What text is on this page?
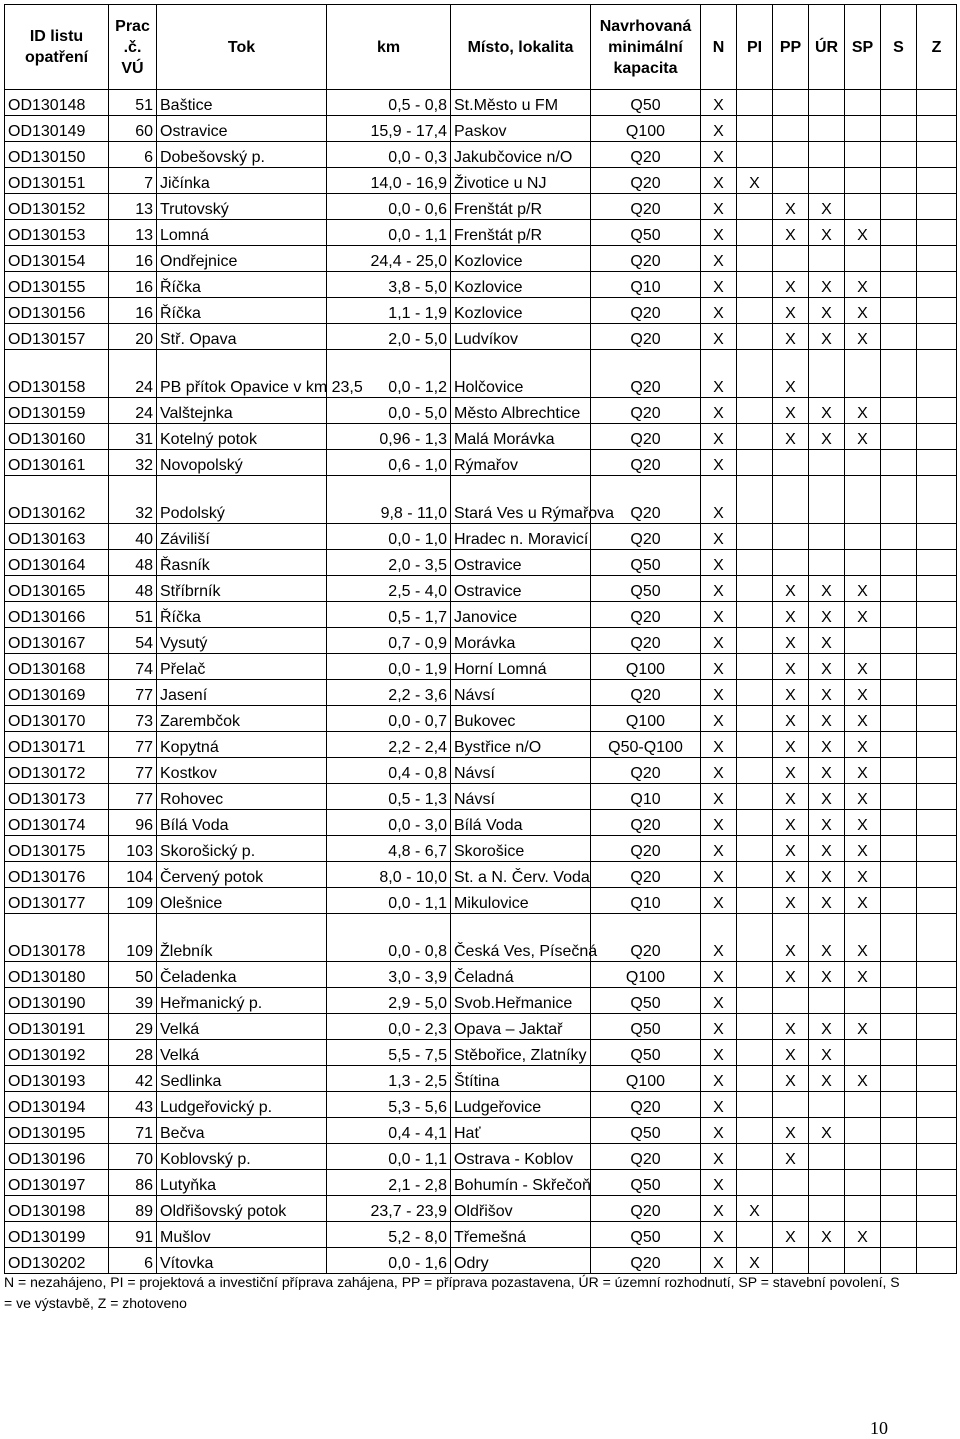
ID listu opatření	Prac .č. VÚ	Tok	km	Místo, lokalita	Navrhovaná minimální kapacita	N	PI	PP	ÚR	SP	S	Z
OD130148	51	Baštice	0,5 - 0,8	St.Město u FM	Q50	X						
OD130149	60	Ostravice	15,9 - 17,4	Paskov	Q100	X						
OD130150	6	Dobešovský p.	0,0 - 0,3	Jakubčovice n/O	Q20	X						
OD130151	7	Jičínka	14,0 - 16,9	Životice u NJ	Q20	X	X					
OD130152	13	Trutovský	0,0 - 0,6	Frenštát p/R	Q20	X		X	X			
OD130153	13	Lomná	0,0 - 1,1	Frenštát p/R	Q50	X		X	X	X		
OD130154	16	Ondřejnice	24,4 - 25,0	Kozlovice	Q20	X						
OD130155	16	Říčka	3,8 - 5,0	Kozlovice	Q10	X		X	X	X		
OD130156	16	Říčka	1,1 - 1,9	Kozlovice	Q20	X		X	X	X		
OD130157	20	Stř. Opava	2,0 - 5,0	Ludvíkov	Q20	X		X	X	X		
OD130158	24	PB přítok Opavice v km 23,5	0,0 - 1,2	Holčovice	Q20	X		X				
OD130159	24	Valštejnka	0,0 - 5,0	Město Albrechtice	Q20	X		X	X	X		
OD130160	31	Kotelný potok	0,96 - 1,3	Malá Morávka	Q20	X		X	X	X		
OD130161	32	Novopolský	0,6 - 1,0	Rýmařov	Q20	X						
OD130162	32	Podolský	9,8 - 11,0	Stará Ves u Rýmařova	Q20	X						
OD130163	40	Záviliší	0,0 - 1,0	Hradec n. Moravicí	Q20	X						
OD130164	48	Řasník	2,0 - 3,5	Ostravice	Q50	X						
OD130165	48	Stříbrník	2,5 - 4,0	Ostravice	Q50	X		X	X	X		
OD130166	51	Říčka	0,5 - 1,7	Janovice	Q20	X		X	X	X		
OD130167	54	Vysutý	0,7 - 0,9	Morávka	Q20	X		X	X			
OD130168	74	Přelač	0,0 - 1,9	Horní Lomná	Q100	X		X	X	X		
OD130169	77	Jasení	2,2 - 3,6	Návsí	Q20	X		X	X	X		
OD130170	73	Zarembčok	0,0 - 0,7	Bukovec	Q100	X		X	X	X		
OD130171	77	Kopytná	2,2 - 2,4	Bystřice n/O	Q50-Q100	X		X	X	X		
OD130172	77	Kostkov	0,4 - 0,8	Návsí	Q20	X		X	X	X		
OD130173	77	Rohovec	0,5 - 1,3	Návsí	Q10	X		X	X	X		
OD130174	96	Bílá Voda	0,0 - 3,0	Bílá Voda	Q20	X		X	X	X		
OD130175	103	Skorošický p.	4,8 - 6,7	Skorošice	Q20	X		X	X	X		
OD130176	104	Červený potok	8,0 - 10,0	St. a N. Červ. Voda	Q20	X		X	X	X		
OD130177	109	Olešnice	0,0 - 1,1	Mikulovice	Q10	X		X	X	X		
OD130178	109	Žlebník	0,0 - 0,8	Česká Ves, Písečná	Q20	X		X	X	X		
OD130180	50	Čeladenka	3,0 - 3,9	Čeladná	Q100	X		X	X	X		
OD130190	39	Heřmanický p.	2,9 - 5,0	Svob.Heřmanice	Q50	X						
OD130191	29	Velká	0,0 - 2,3	Opava – Jaktař	Q50	X		X	X	X		
OD130192	28	Velká	5,5 - 7,5	Stěbořice, Zlatníky	Q50	X		X	X			
OD130193	42	Sedlinka	1,3 - 2,5	Štítina	Q100	X		X	X	X		
OD130194	43	Ludgeřovický p.	5,3 - 5,6	Ludgeřovice	Q20	X						
OD130195	71	Bečva	0,4 - 4,1	Hať	Q50	X		X	X			
OD130196	70	Koblovský p.	0,0 - 1,1	Ostrava - Koblov	Q20	X		X				
OD130197	86	Lutyňka	2,1 - 2,8	Bohumín - Skřečoň	Q50	X						
OD130198	89	Oldřišovský potok	23,7 - 23,9	Oldřišov	Q20	X	X					
OD130199	91	Mušlov	5,2 - 8,0	Třemešná	Q50	X		X	X	X		
OD130202	6	Vítovka	0,0 - 1,6	Odry	Q20	X	X					
N = nezahájeno, PI = projektová a investiční příprava zahájena, PP = příprava pozastavena, ÚR = územní rozhodnutí, SP = stavební povolení, S = ve výstavbě, Z = zhotoveno
10
